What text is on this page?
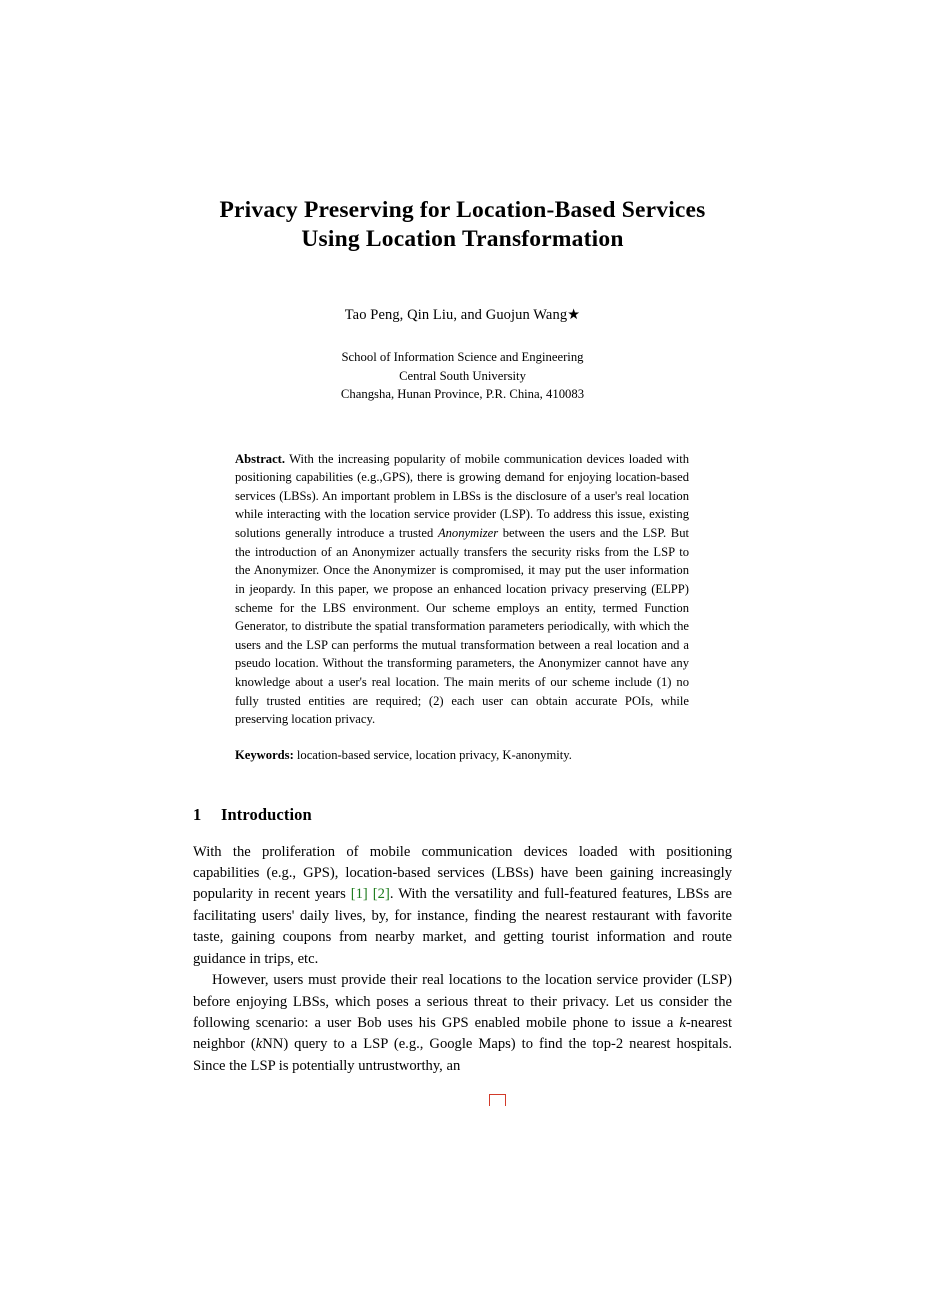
Privacy Preserving for Location-Based Services
Using Location Transformation
Tao Peng, Qin Liu, and Guojun Wang★
School of Information Science and Engineering
Central South University
Changsha, Hunan Province, P.R. China, 410083
Abstract. With the increasing popularity of mobile communication devices loaded with positioning capabilities (e.g.,GPS), there is growing demand for enjoying location-based services (LBSs). An important problem in LBSs is the disclosure of a user's real location while interacting with the location service provider (LSP). To address this issue, existing solutions generally introduce a trusted Anonymizer between the users and the LSP. But the introduction of an Anonymizer actually transfers the security risks from the LSP to the Anonymizer. Once the Anonymizer is compromised, it may put the user information in jeopardy. In this paper, we propose an enhanced location privacy preserving (ELPP) scheme for the LBS environment. Our scheme employs an entity, termed Function Generator, to distribute the spatial transformation parameters periodically, with which the users and the LSP can performs the mutual transformation between a real location and a pseudo location. Without the transforming parameters, the Anonymizer cannot have any knowledge about a user's real location. The main merits of our scheme include (1) no fully trusted entities are required; (2) each user can obtain accurate POIs, while preserving location privacy.
Keywords: location-based service, location privacy, K-anonymity.
1 Introduction

With the proliferation of mobile communication devices loaded with positioning capabilities (e.g., GPS), location-based services (LBSs) have been gaining increasingly popularity in recent years [1] [2]. With the versatility and full-featured features, LBSs are facilitating users' daily lives, by, for instance, finding the nearest restaurant with favorite taste, gaining coupons from nearby market, and getting tourist information and route guidance in trips, etc.

However, users must provide their real locations to the location service provider (LSP) before enjoying LBSs, which poses a serious threat to their privacy. Let us consider the following scenario: a user Bob uses his GPS enabled mobile phone to issue a k-nearest neighbor (kNN) query to a LSP (e.g., Google Maps) to find the top-2 nearest hospitals. Since the LSP is potentially untrustworthy, an
